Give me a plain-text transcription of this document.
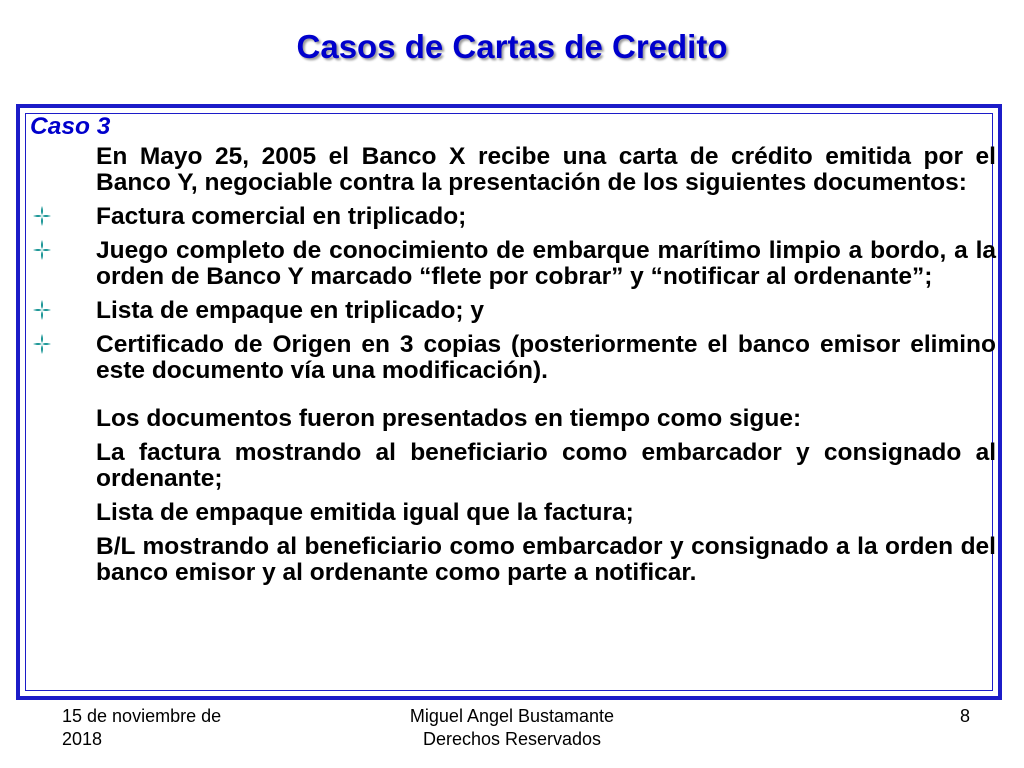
Casos de Cartas de Credito
Caso 3
En Mayo 25, 2005 el Banco X recibe una carta de crédito emitida por el Banco Y, negociable contra la presentación de los siguientes documentos:
Factura comercial en triplicado;
Juego completo de conocimiento de embarque marítimo limpio a bordo, a la orden de Banco Y marcado “flete por cobrar” y “notificar al ordenante”;
Lista de empaque en triplicado; y
Certificado de Origen en 3 copias (posteriormente el banco emisor elimino este documento vía una modificación).
Los documentos fueron presentados en tiempo como sigue:
La factura mostrando al beneficiario como embarcador y consignado al ordenante;
Lista de empaque emitida igual que la factura;
B/L mostrando al beneficiario como embarcador y consignado a la orden del banco emisor y al ordenante como parte a notificar.
15 de noviembre de
2018
Miguel Angel Bustamante
Derechos Reservados
8
